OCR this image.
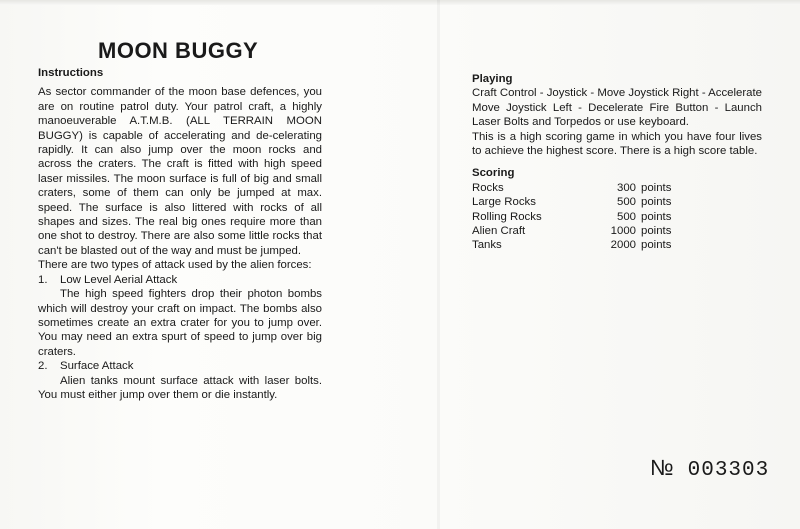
MOON BUGGY
Instructions

As sector commander of the moon base defences, you are on routine patrol duty. Your patrol craft, a highly manoeuverable A.T.M.B. (ALL TERRAIN MOON BUGGY) is capable of accelerating and de-celerating rapidly. It can also jump over the moon rocks and across the craters. The craft is fitted with high speed laser missiles. The moon surface is full of big and small craters, some of them can only be jumped at max. speed. The surface is also littered with rocks of all shapes and sizes. The real big ones require more than one shot to destroy. There are also some little rocks that can't be blasted out of the way and must be jumped.

There are two types of attack used by the alien forces:

1.	Low Level Aerial Attack

The high speed fighters drop their photon bombs which will destroy your craft on impact. The bombs also sometimes create an extra crater for you to jump over. You may need an extra spurt of speed to jump over big craters.

2.	Surface Attack

Alien tanks mount surface attack with laser bolts. You must either jump over them or die instantly.

Playing

Craft Control - Joystick - Move Joystick Right - Accelerate Move Joystick Left - Decelerate Fire Button - Launch Laser Bolts and Torpedos or use keyboard.

This is a high scoring game in which you have four lives to achieve the highest score. There is a high score table.

Scoring
Rocks	300 points
Large Rocks	500 points
Rolling Rocks	500 points
Alien Craft	1000 points
Tanks	2000 points
№ 003303
